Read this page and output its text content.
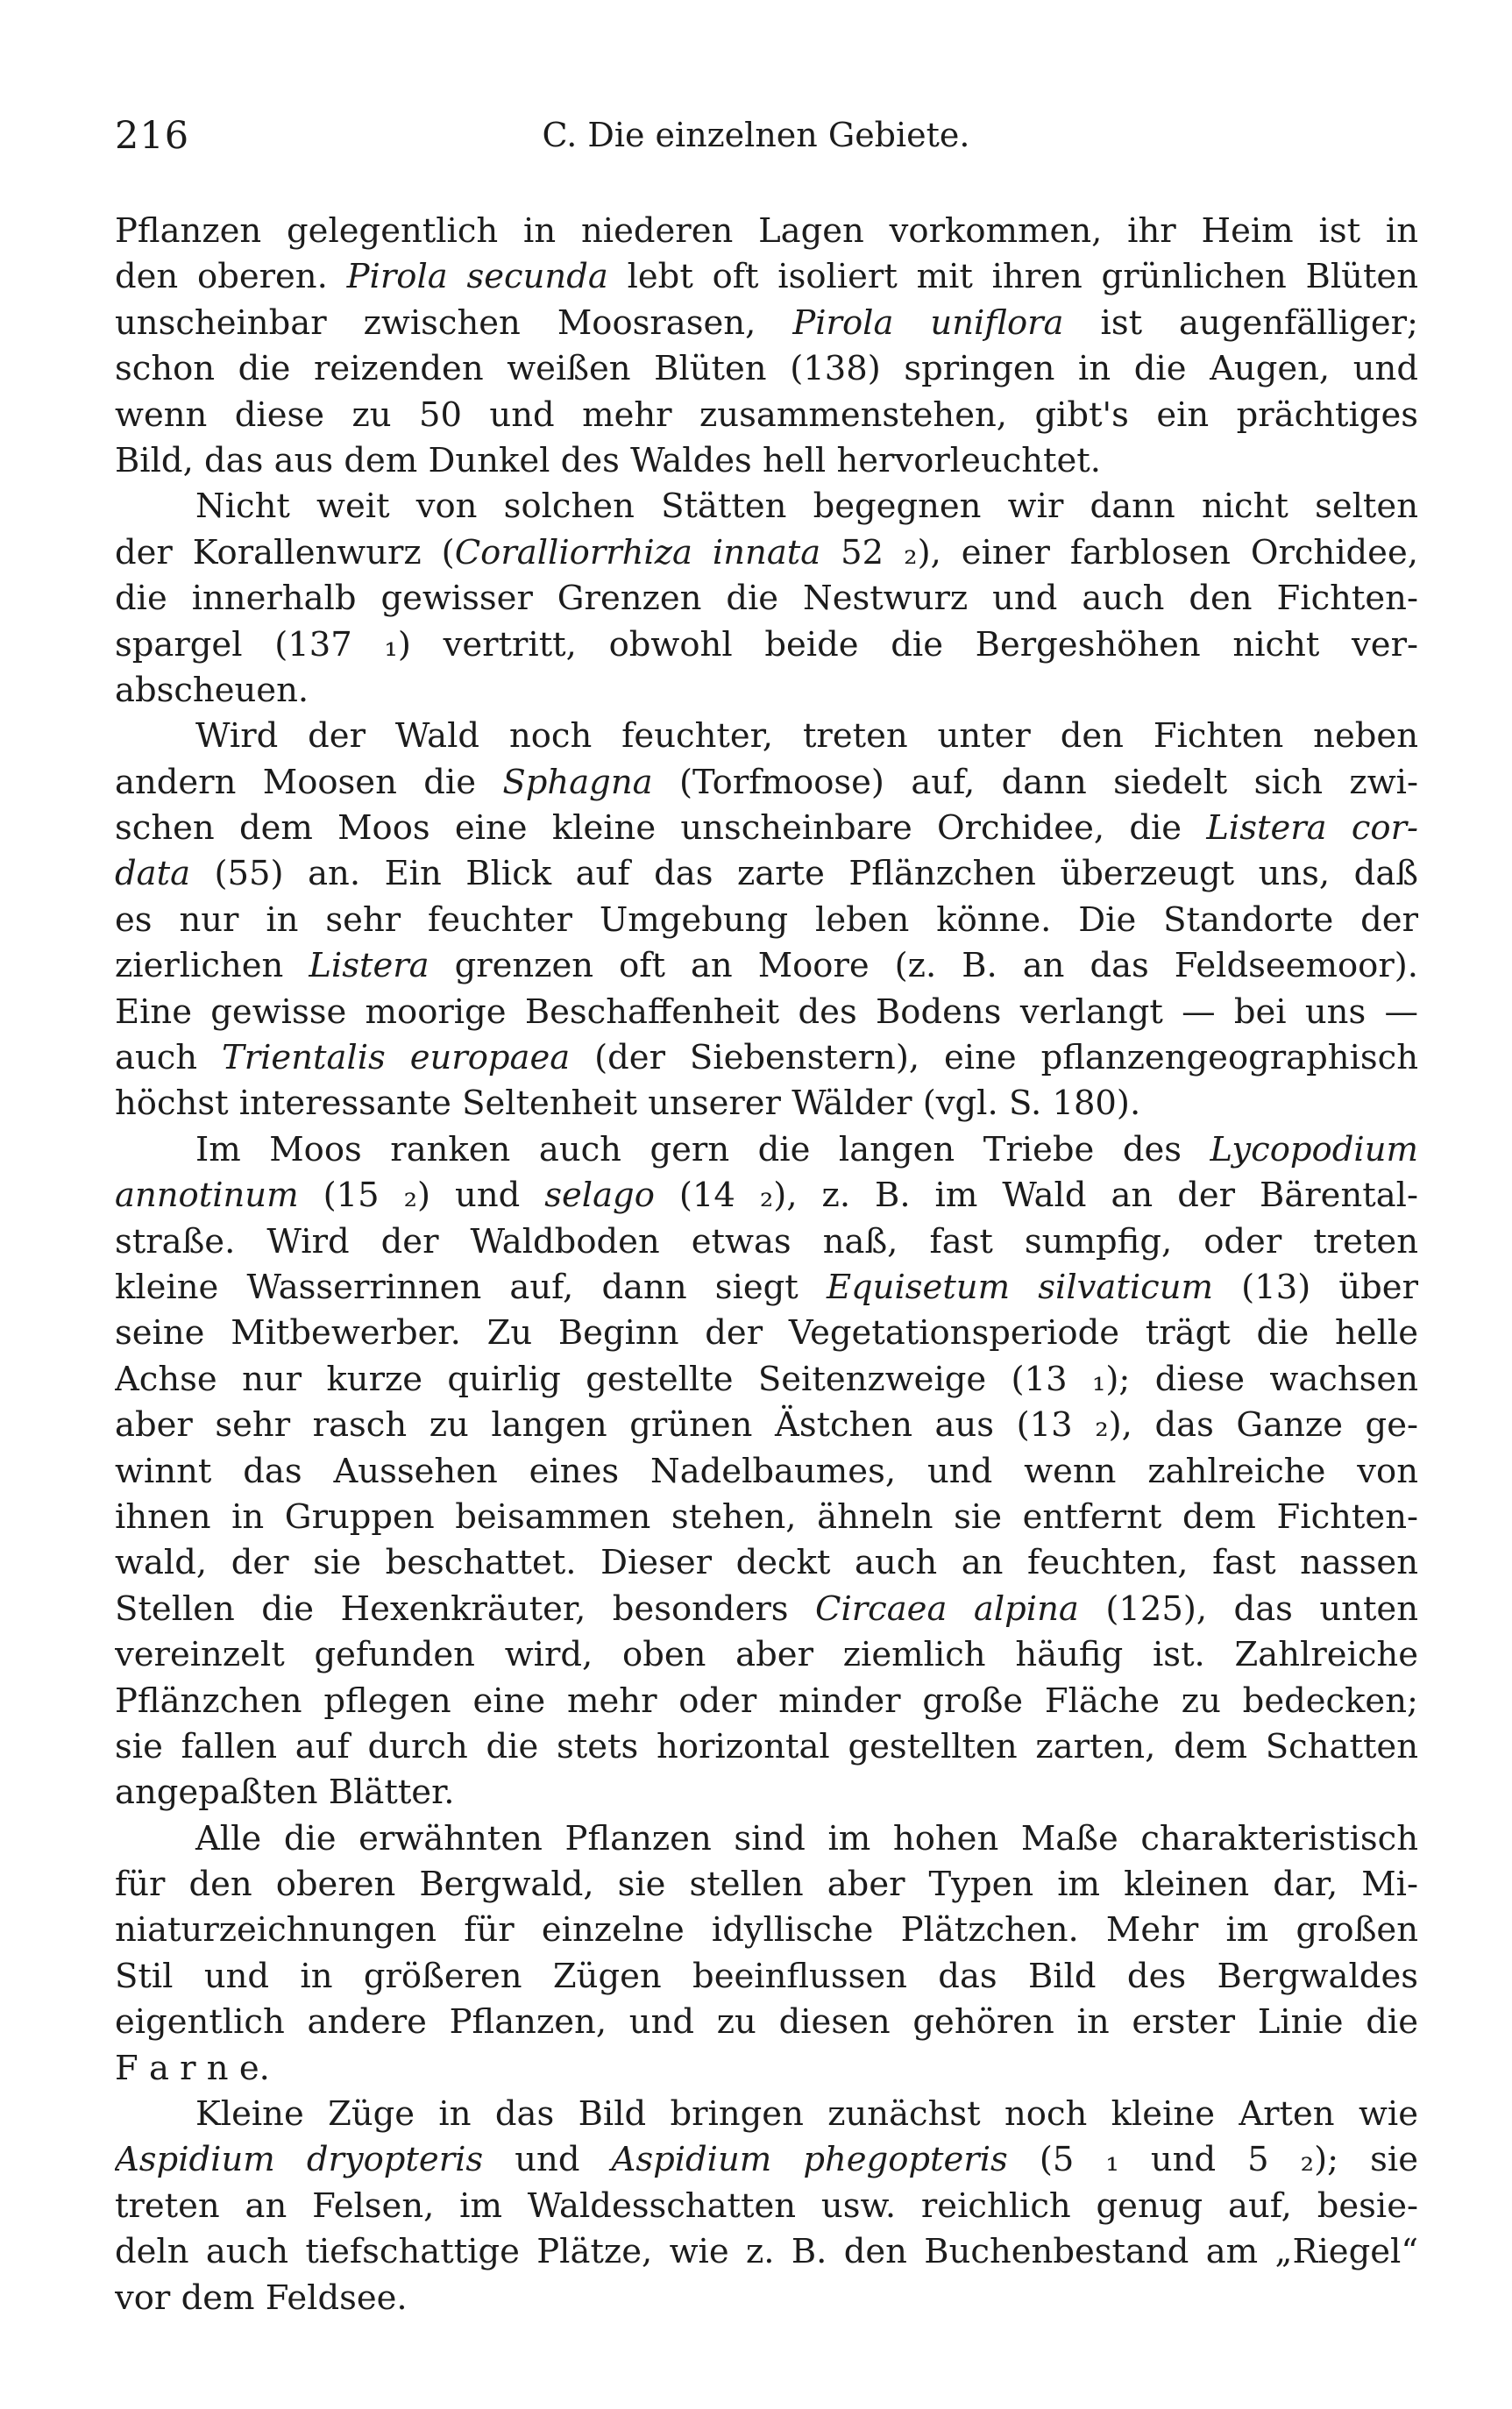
216	C. Die einzelnen Gebiete.
Pflanzen gelegentlich in niederen Lagen vorkommen, ihr Heim ist in
den oberen. Pirola secunda lebt oft isoliert mit ihren grünlichen Blüten
unscheinbar zwischen Moosrasen, Pirola uniflora ist augenfälliger;
schon die reizenden weißen Blüten (138) springen in die Augen, und
wenn diese zu 50 und mehr zusammenstehen, gibt's ein prächtiges
Bild, das aus dem Dunkel des Waldes hell hervorleuchtet.
Nicht weit von solchen Stätten begegnen wir dann nicht selten
der Korallenwurz (Coralliorrhiza innata 52 ₂), einer farblosen Orchidee,
die innerhalb gewisser Grenzen die Nestwurz und auch den Fichten-
spargel (137 ₁) vertritt, obwohl beide die Bergeshöhen nicht ver-
abscheuen.
Wird der Wald noch feuchter, treten unter den Fichten neben
andern Moosen die Sphagna (Torfmoose) auf, dann siedelt sich zwi-
schen dem Moos eine kleine unscheinbare Orchidee, die Listera cor-
data (55) an. Ein Blick auf das zarte Pflänzchen überzeugt uns, daß
es nur in sehr feuchter Umgebung leben könne. Die Standorte der
zierlichen Listera grenzen oft an Moore (z. B. an das Feldseemoor).
Eine gewisse moorige Beschaffenheit des Bodens verlangt — bei uns —
auch Trientalis europaea (der Siebenstern), eine pflanzengeographisch
höchst interessante Seltenheit unserer Wälder (vgl. S. 180).
Im Moos ranken auch gern die langen Triebe des Lycopodium
annotinum (15 ₂) und selago (14 ₂), z. B. im Wald an der Bärental-
straße. Wird der Waldboden etwas naß, fast sumpfig, oder treten
kleine Wasserrinnen auf, dann siegt Equisetum silvaticum (13) über
seine Mitbewerber. Zu Beginn der Vegetationsperiode trägt die helle
Achse nur kurze quirlig gestellte Seitenzweige (13 ₁); diese wachsen
aber sehr rasch zu langen grünen Ästchen aus (13 ₂), das Ganze ge-
winnt das Aussehen eines Nadelbaumes, und wenn zahlreiche von
ihnen in Gruppen beisammen stehen, ähneln sie entfernt dem Fichten-
wald, der sie beschattet. Dieser deckt auch an feuchten, fast nassen
Stellen die Hexenkräuter, besonders Circaea alpina (125), das unten
vereinzelt gefunden wird, oben aber ziemlich häufig ist. Zahlreiche
Pflänzchen pflegen eine mehr oder minder große Fläche zu bedecken;
sie fallen auf durch die stets horizontal gestellten zarten, dem Schatten
angepaßten Blätter.
Alle die erwähnten Pflanzen sind im hohen Maße charakteristisch
für den oberen Bergwald, sie stellen aber Typen im kleinen dar, Mi-
niaturzeichnungen für einzelne idyllische Plätzchen. Mehr im großen
Stil und in größeren Zügen beeinflussen das Bild des Bergwaldes
eigentlich andere Pflanzen, und zu diesen gehören in erster Linie die
F a r n e.
Kleine Züge in das Bild bringen zunächst noch kleine Arten wie
Aspidium dryopteris und Aspidium phegopteris (5 ₁ und 5 ₂); sie
treten an Felsen, im Waldesschatten usw. reichlich genug auf, besie-
deln auch tiefschattige Plätze, wie z. B. den Buchenbestand am „Riegel“
vor dem Feldsee.
